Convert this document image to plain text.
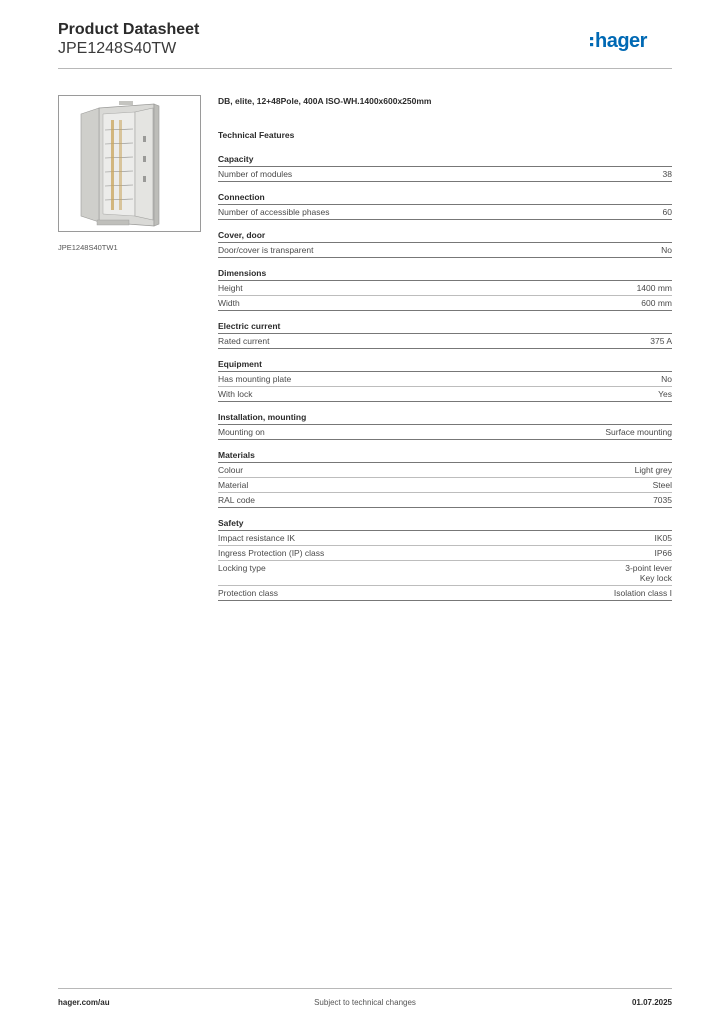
Product Datasheet
JPE1248S40TW	hager
JPE1248S40TW1
DB, elite, 12+48Pole, 400A ISO-WH.1400x600x250mm
Technical Features
Capacity
Number of modules	38
Connection
Number of accessible phases	60
Cover, door
Door/cover is transparent	No
Dimensions
Height	1400 mm
Width	600 mm
Electric current
Rated current	375 A
Equipment
Has mounting plate	No
With lock	Yes
Installation, mounting
Mounting on	Surface mounting
Materials
Colour	Light grey
Material	Steel
RAL code	7035
Safety
Impact resistance IK	IK05
Ingress Protection (IP) class	IP66
Locking type	3-point lever
Key lock
Protection class	Isolation class I
hager.com/au	Subject to technical changes	01.07.2025
